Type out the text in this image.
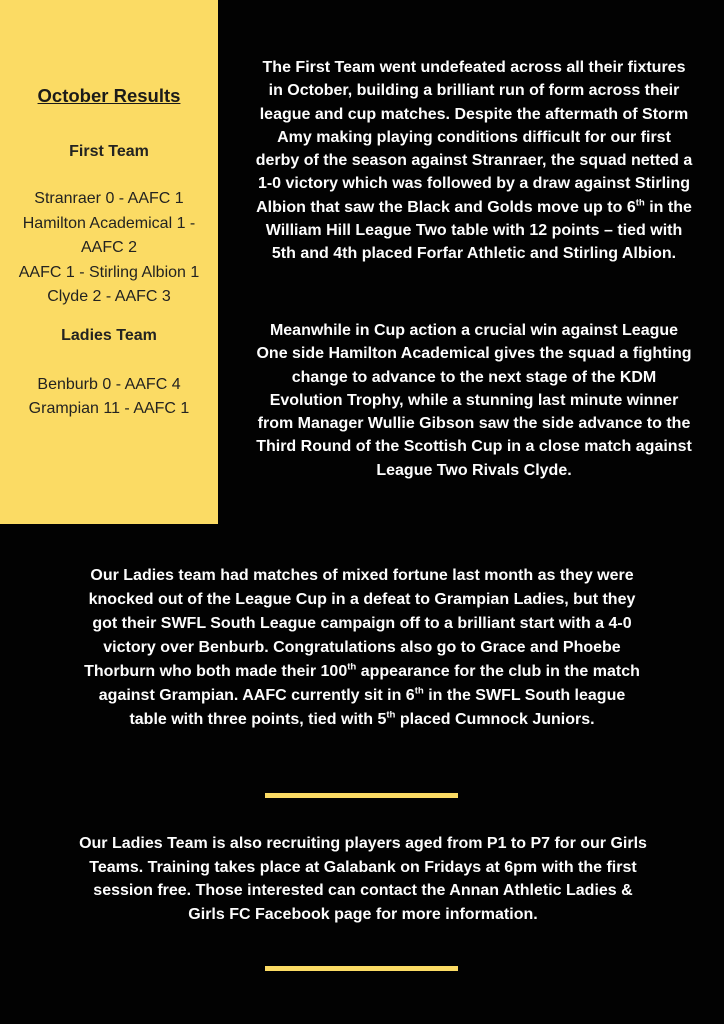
October Results
First Team
Stranraer 0 - AAFC 1
Hamilton Academical 1 - AAFC 2
AAFC 1 - Stirling Albion 1
Clyde 2 - AAFC 3
Ladies Team
Benburb 0 - AAFC 4
Grampian 11 - AAFC 1

The First Team went undefeated across all their fixtures in October, building a brilliant run of form across their league and cup matches. Despite the aftermath of Storm Amy making playing conditions difficult for our first derby of the season against Stranraer, the squad netted a 1-0 victory which was followed by a draw against Stirling Albion that saw the Black and Golds move up to 6th in the William Hill League Two table with 12 points – tied with 5th and 4th placed Forfar Athletic and Stirling Albion.

Meanwhile in Cup action a crucial win against League One side Hamilton Academical gives the squad a fighting change to advance to the next stage of the KDM Evolution Trophy, while a stunning last minute winner from Manager Wullie Gibson saw the side advance to the Third Round of the Scottish Cup in a close match against League Two Rivals Clyde.

Our Ladies team had matches of mixed fortune last month as they were knocked out of the League Cup in a defeat to Grampian Ladies, but they got their SWFL South League campaign off to a brilliant start with a 4-0 victory over Benburb. Congratulations also go to Grace and Phoebe Thorburn who both made their 100th appearance for the club in the match against Grampian. AAFC currently sit in 6th in the SWFL South league table with three points, tied with 5th placed Cumnock Juniors.

Our Ladies Team is also recruiting players aged from P1 to P7 for our Girls Teams. Training takes place at Galabank on Fridays at 6pm with the first session free. Those interested can contact the Annan Athletic Ladies & Girls FC Facebook page for more information.
